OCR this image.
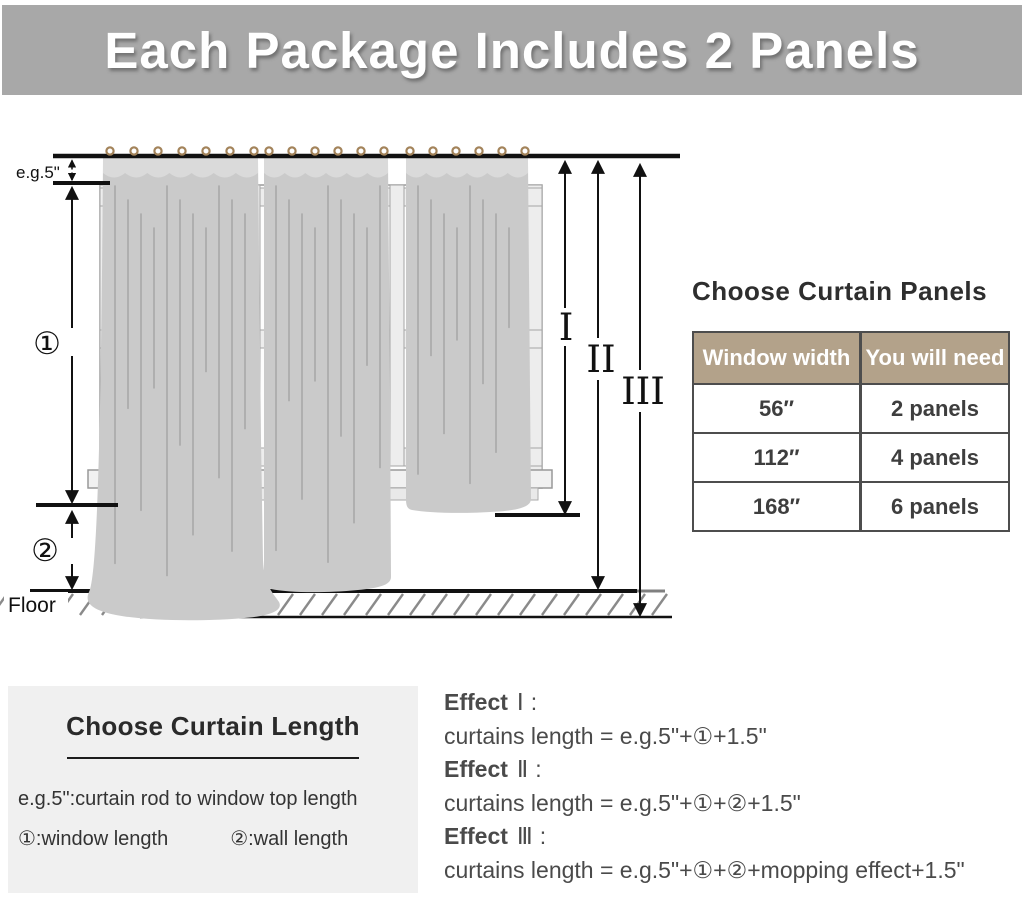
Each Package Includes 2 Panels
Floor
e.g.5"
①
②
I
II
III
Choose Curtain Panels
Window width	You will need
56″	2 panels
112″	4 panels
168″	6 panels
Choose Curtain Length
e.g.5":curtain rod to window top length
①:window length	②:wall length
Effect Ⅰ :
curtains length = e.g.5"+①+1.5"
Effect Ⅱ :
curtains length = e.g.5"+①+②+1.5"
Effect Ⅲ :
curtains length = e.g.5"+①+②+mopping effect+1.5"
